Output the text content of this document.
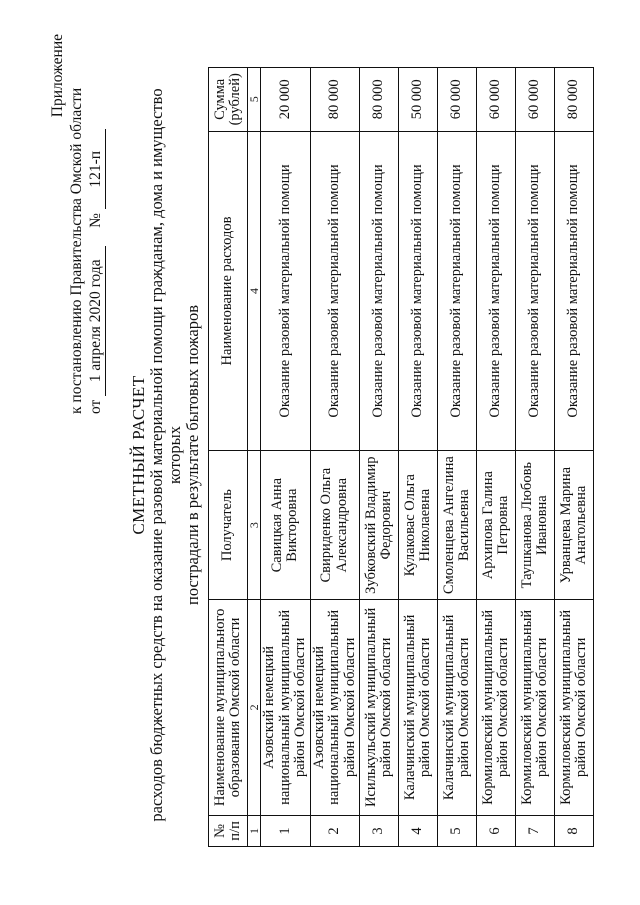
Приложение
к постановлению Правительства Омской области от 1 апреля 2020 года № 121-п
СМЕТНЫЙ РАСЧЕТ расходов бюджетных средств на оказание разовой материальной помощи гражданам, дома и имущество которых пострадали в результате бытовых пожаров
№ п/п	Наименование муниципального образования Омской области	Получатель	Наименование расходов	Сумма (рублей)
1	2	3	4	5
1	Азовский немецкий национальный муниципальный район Омской области	Савицкая Анна Викторовна	Оказание разовой материальной помощи	20 000
2	Азовский немецкий национальный муниципальный район Омской области	Свириденко Ольга Александровна	Оказание разовой материальной помощи	80 000
3	Исилькульский муниципальный район Омской области	Зубковский Владимир Федорович	Оказание разовой материальной помощи	80 000
4	Калачинский муниципальный район Омской области	Кулаковас Ольга Николаевна	Оказание разовой материальной помощи	50 000
5	Калачинский муниципальный район Омской области	Смоленцева Ангелина Васильевна	Оказание разовой материальной помощи	60 000
6	Кормиловский муниципальный район Омской области	Архипова Галина Петровна	Оказание разовой материальной помощи	60 000
7	Кормиловский муниципальный район Омской области	Таушканова Любовь Ивановна	Оказание разовой материальной помощи	60 000
8	Кормиловский муниципальный район Омской области	Урванцева Марина Анатольевна	Оказание разовой материальной помощи	80 000
